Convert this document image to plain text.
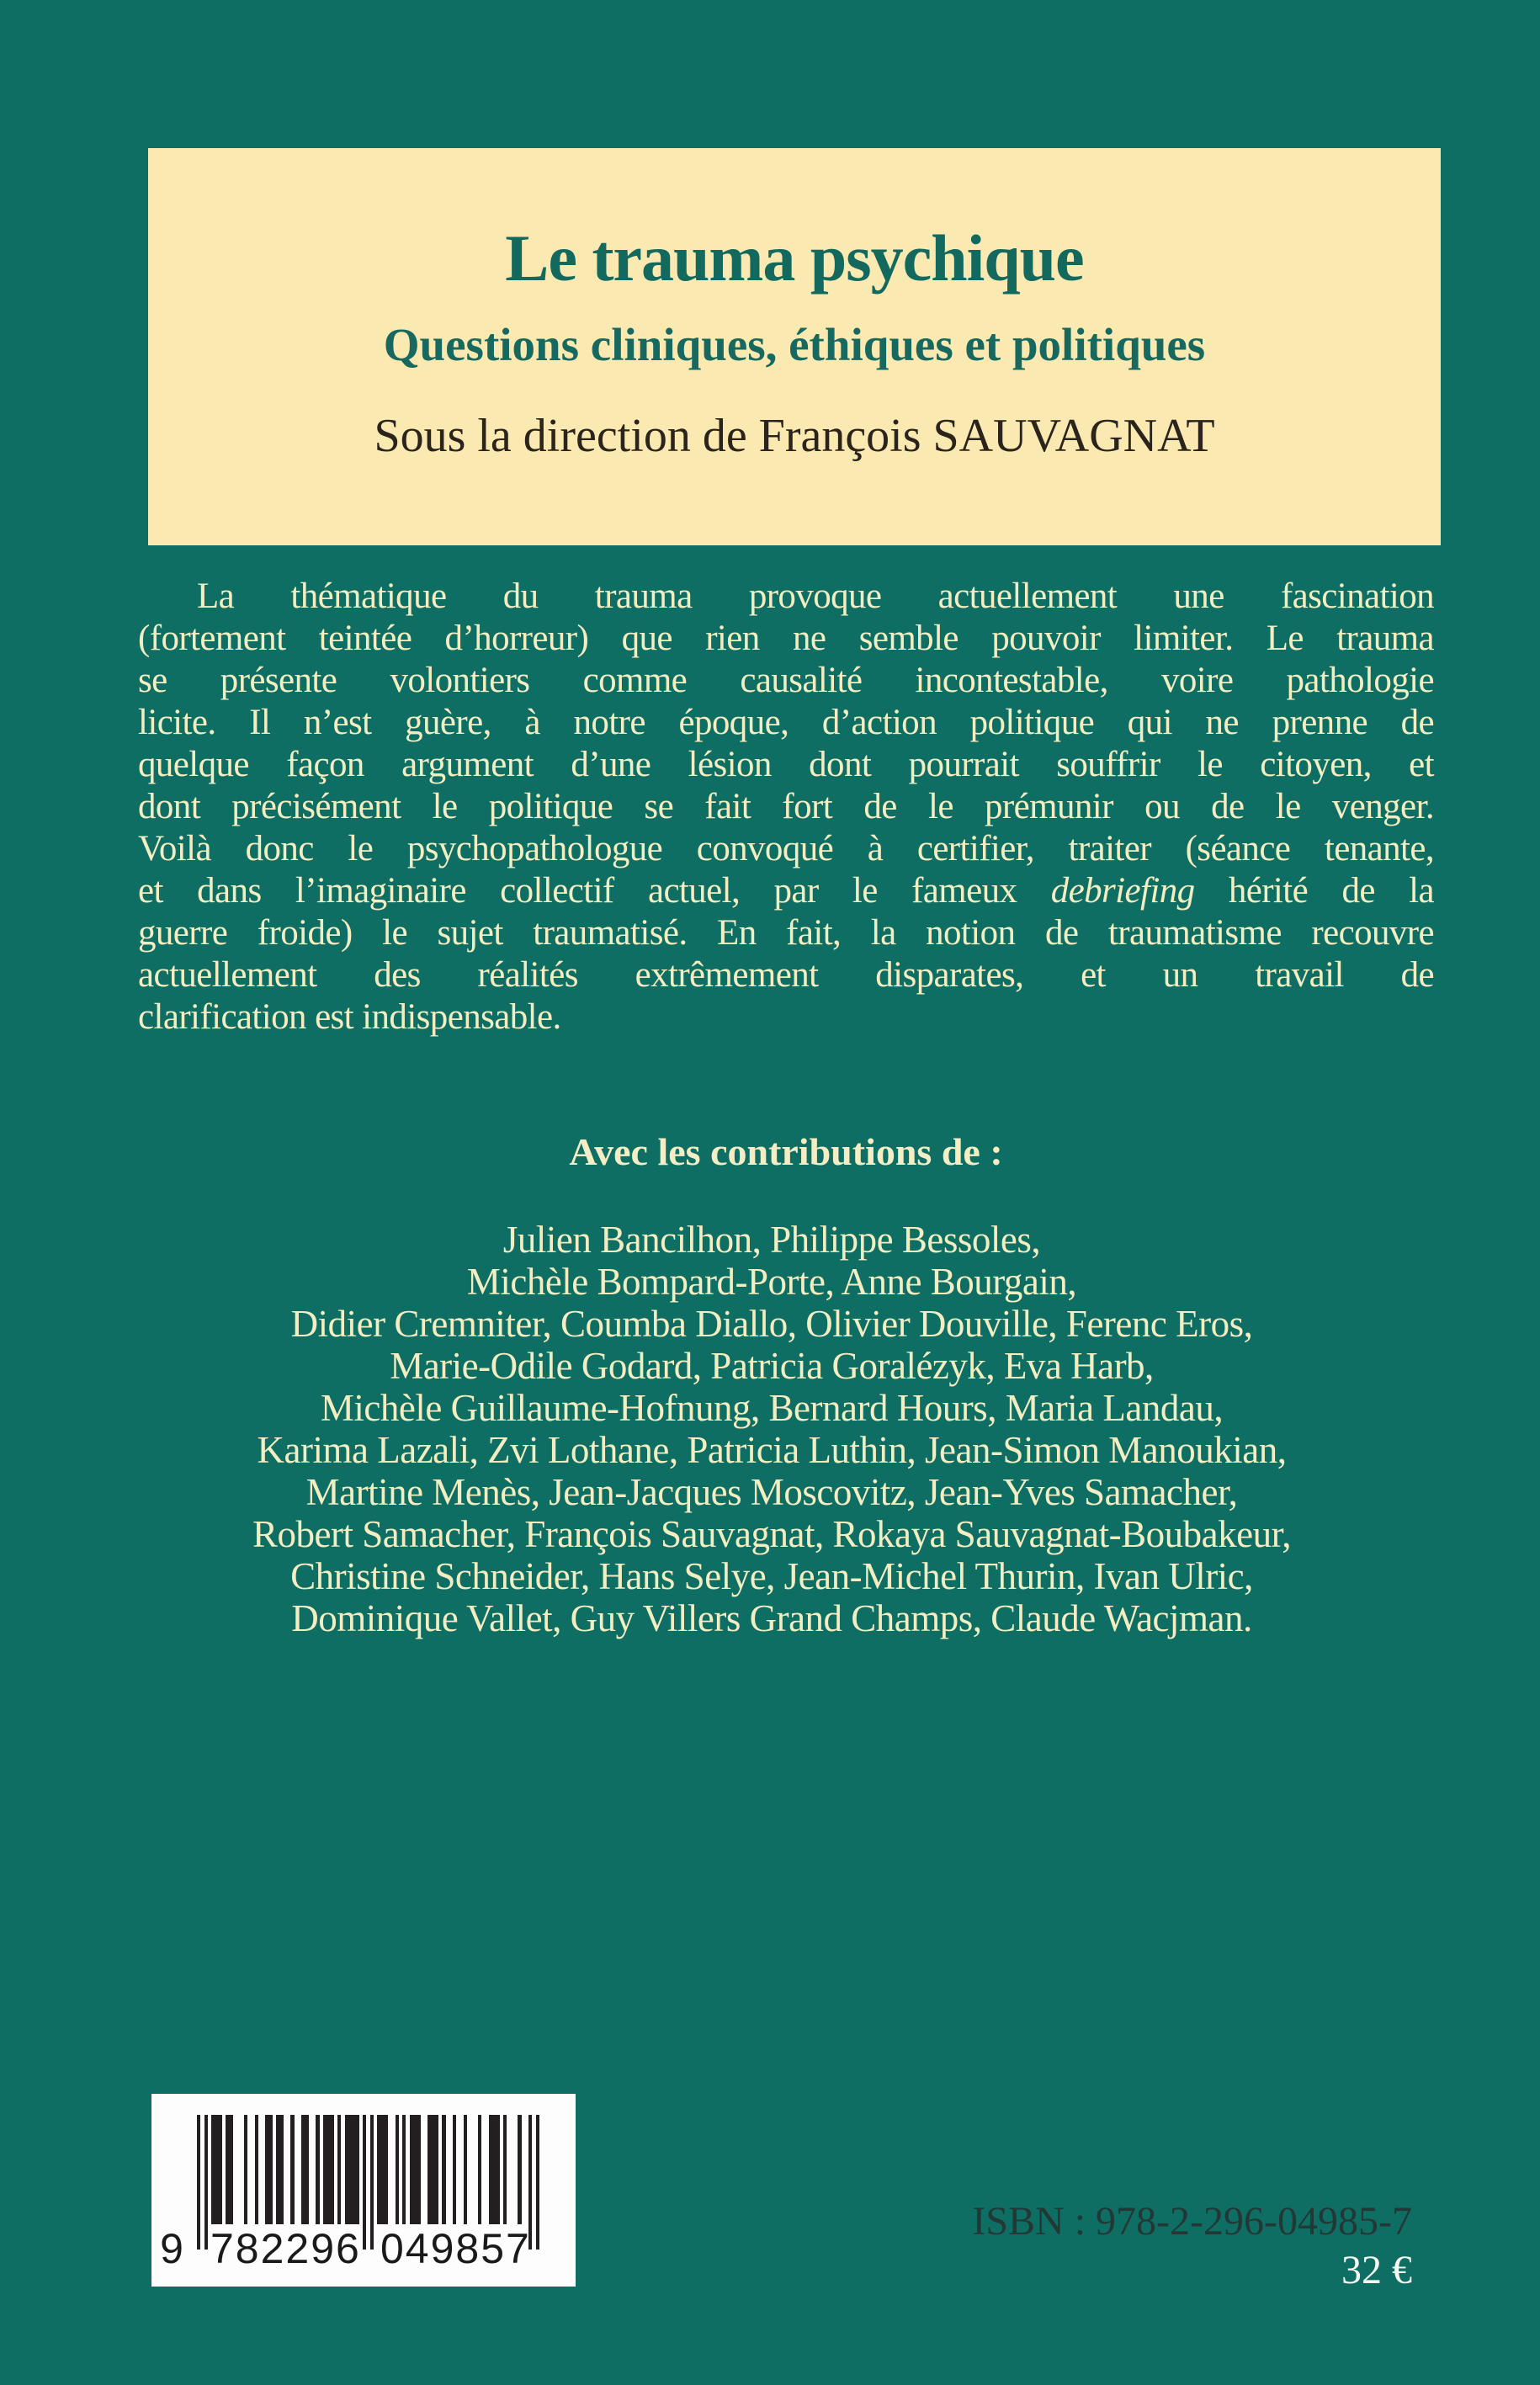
Le trauma psychique
Questions cliniques, éthiques et politiques
Sous la direction de François SAUVAGNAT
La thématique du trauma provoque actuellement une fascination
(fortement teintée d’horreur) que rien ne semble pouvoir limiter. Le trauma
se présente volontiers comme causalité incontestable, voire pathologie
licite. Il n’est guère, à notre époque, d’action politique qui ne prenne de
quelque façon argument d’une lésion dont pourrait souffrir le citoyen, et
dont précisément le politique se fait fort de le prémunir ou de le venger.
Voilà donc le psychopathologue convoqué à certifier, traiter (séance tenante,
et dans l’imaginaire collectif actuel, par le fameux debriefing hérité de la
guerre froide) le sujet traumatisé. En fait, la notion de traumatisme recouvre
actuellement des réalités extrêmement disparates, et un travail de
clarification est indispensable.
Avec les contributions de :
Julien Bancilhon, Philippe Bessoles,
Michèle Bompard-Porte, Anne Bourgain,
Didier Cremniter, Coumba Diallo, Olivier Douville, Ferenc Eros,
Marie-Odile Godard, Patricia Goralézyk, Eva Harb,
Michèle Guillaume-Hofnung, Bernard Hours, Maria Landau,
Karima Lazali, Zvi Lothane, Patricia Luthin, Jean-Simon Manoukian,
Martine Menès, Jean-Jacques Moscovitz, Jean-Yves Samacher,
Robert Samacher, François Sauvagnat, Rokaya Sauvagnat-Boubakeur,
Christine Schneider, Hans Selye, Jean-Michel Thurin, Ivan Ulric,
Dominique Vallet, Guy Villers Grand Champs, Claude Wacjman.
9 782296 049857
ISBN : 978-2-296-04985-7
32 €
